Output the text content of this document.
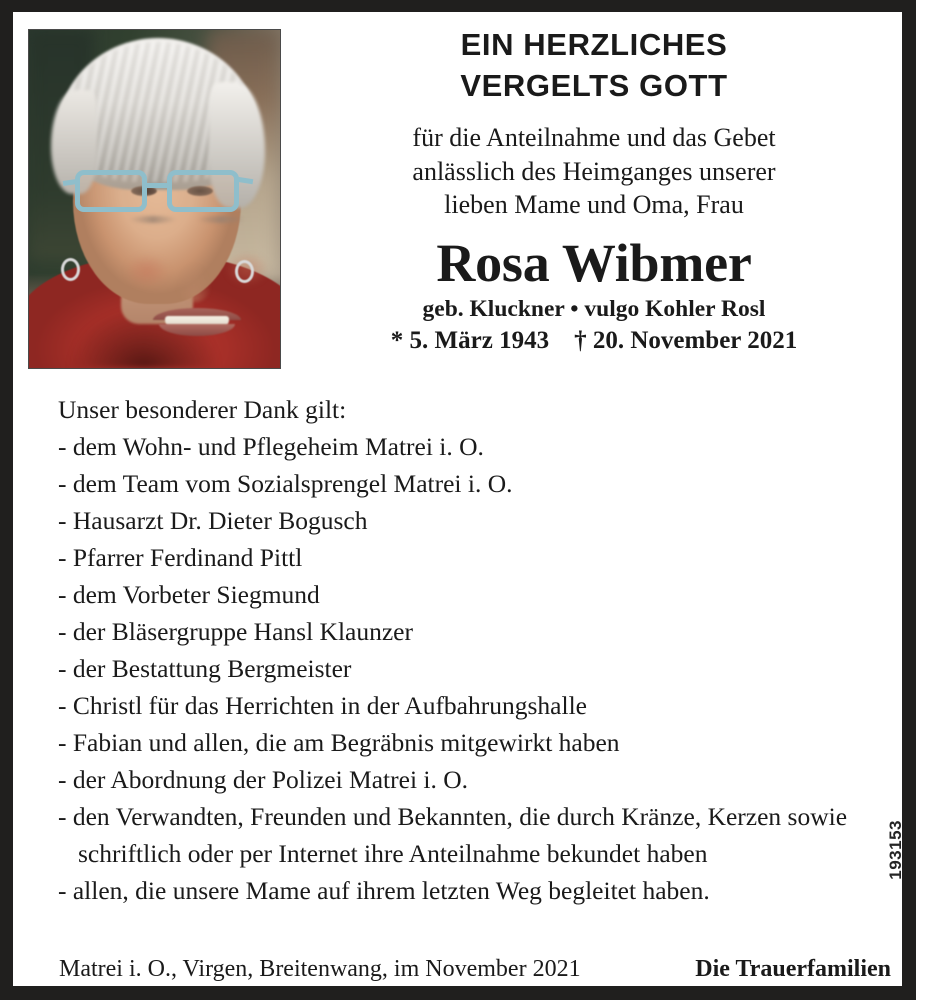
EIN HERZLICHES
VERGELTS GOTT
für die Anteilnahme und das Gebet
anlässlich des Heimganges unserer
lieben Mame und Oma, Frau
Rosa Wibmer
geb. Kluckner • vulgo Kohler Rosl
* 5. März 1943    † 20. November 2021
Unser besonderer Dank gilt:
- dem Wohn- und Pflegeheim Matrei i. O.
- dem Team vom Sozialsprengel Matrei i. O.
- Hausarzt Dr. Dieter Bogusch
- Pfarrer Ferdinand Pittl
- dem Vorbeter Siegmund
- der Bläsergruppe Hansl Klaunzer
- der Bestattung Bergmeister
- Christl für das Herrichten in der Aufbahrungshalle
- Fabian und allen, die am Begräbnis mitgewirkt haben
- der Abordnung der Polizei Matrei i. O.
- den Verwandten, Freunden und Bekannten, die durch Kränze, Kerzen sowie schriftlich oder per Internet ihre Anteilnahme bekundet haben
- allen, die unsere Mame auf ihrem letzten Weg begleitet haben.
Matrei i. O., Virgen, Breitenwang, im November 2021	Die Trauerfamilien
193153
